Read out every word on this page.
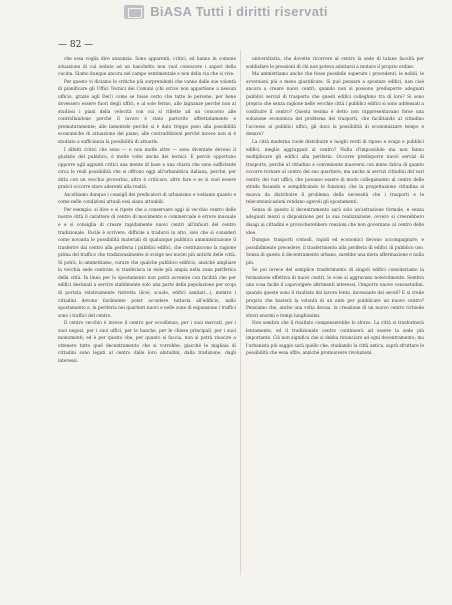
BiASA Tutti i diritti riservati
— 82 —

che essa voglia dire annunzia. Sono apparenti, critici, ed hanno in comune situazione di cui sedute ad un banchetto non vuol conoscere i sapori della cucina. Siamo dunque ancora nel campo sentimentale e non della via che si vive.

Per questo vi diciamo le critiche più sorprendenti che vanno dalle sue volontà di pianificare gli Uffici Tecnici dei Comuni (chi scrive non appartiene a nessun ufficio, grazie agli Dei!) come se fosse certo che tutte le persone, per bene dovessero essere fuori degli uffici, e al sole fermo, alle lagnanze perché non ai studiosi i piani della velocità con cui si riflette ad un concorso alle controllandone perché il lavoro è stato partorito affrettatamente e prematuramente; alle lamentele perché si è dato troppo peso alla possibilità economiche di attuazione del piano; alle contraddizioni perché invece non si è studiato a sufficienza la possibilità di attuarlo.

I difetti critici che sono — e non molte altre — sono diventate devono il giudizio del pubblico, è molte volte anche dei tecnici. È perciò opportuno opporre agli appunti critici una mente di base a una chiara che sono sufficiente circa le reali possibilità che si offrono oggi all'urbanistica italiana, perché, per dirla con un vecchio proverbio, altro è criticare, altro fare e se si vuol essere pratici occorre stare aderenti alla realtà.

Ascoltiamo dunque i consigli dei predicatori di urbanismo e vediamo quanto e come nelle condizioni attuali essi siano attuabili.

Per esempio: si dice e si ripete che a conservare oggi al vecchio centro delle nostre città il carattere di centro di movimento e commerciale è errore inusuale e e si consiglia di creare rapidamente nuovi centri all'infuori del centro tradizionale. Facile è scrivere, difficile a tradursi in atto, solo che si consideri come novanta le possibilità materiali di qualunque pubblica amministrazione il trasferire dal centro alla periferia i pubblici edifici, che costituiscono la ragione prima del traffico che tradizionalmente si svolge nei nuclei più antichi delle città. Si potrà, lo ammettiamo, curare che qualche pubblico edificio, anziché ampliare la vecchia sede centrale, si trasferisca in sede più ampia nella zona periferica della città. In linea per lo spostamento non potrà avvenire con facilità che per edifici destinati a servire stabilmente solo una parte della popolazione per scopi di portata relativamente ristretta (licei, scuole, edifici sanitari...), mentre i cittadini devono facilmente poter accedere tuttavia all'edificio, nello spostamento e, in periferia nei quartieri nuovi e nelle zone di espansione i traffici sono i traffici del centro.

Il centro vecchio è invece il centro per eccellenza, per i suoi mercati, per i suoi negozi, per i suoi uffici, per le banche, per le chiese principali, per i suoi monumenti; ed è per questo che, per quanto si faccia, non si potrà riuscire a ottenere tutto quel decentramento che si vorrebbe; giacché le migliaia di cittadini sono legati al centro dalle loro abitudini, dalla tradizione, dagli interessi.

universitaria, che dovette ricorrere al centro la sede di talune facoltà per soddisfare le pressioni di chi non poteva adattarsi a mutare il proprio ordine.

Ma ammettiamo anche che fosse possibile superare i precedenti, le nobili, le avversioni più o meno giustificate. Si può pensare a spostare edifici, non cioè ancora a creare nuovi centri; quando non si possono predisporre adeguati pubblici servizi di trasporto che questi edifici colleghino tra di loro? Si sono proprio che senza ragione nelle vecchie città i pubblici edifici si sono addensati a costituire il centro? Questa tesima è detto non rappresentavano forse una soluzione economica del problema dei trasporti, che facilitando al cittadino l'accesso ai pubblici uffici, gli dava la possibilità di economizzare tempo e denaro?

La città moderna vuole distribuire e luoghi verdi di riposo e svago e pubblici edifici, meglio aggruppati al centro? Nulla d'impossibile ma non fanno moltiplicare gli edifici alla periferia. Occorre predisporre nuovi servizi di trasporto, perché al cittadino è conveniente muoversi con meno fatica di quanto occorre tornare al centro del suo quartiere, ma anche ai servizi cittadini del vari centri; dei vari uffici; che possano essere di modo collegamento al centro delle strade fissando e semplificando le funzioni; che la progettazione cittadina si muova da distribuire il problema della necessità che i trasporti e le telecomunicazioni rendano agevoli gli spostamenti.

Senza di questo il decentramento sarà solo un'astrazione formale, e senza adeguati mezzi a disposizione per la sua realizzazione, ovvero si creerebbero disagi ai cittadini e provocherebbero reazioni che non governano al centro delle idee.

Dunque: trasporti comodi, rapidi ed economici devono accompagnare, e possibilmente precedere, il trasferimento alla periferia di edifici di pubblico uso. Senza di questo il decentramento urbano, sarebbe una mera affermazione e nulla più.

Se poi invece del semplice trasferimento di singoli edifici consideriamo la formazione effettiva di nuovi centri, le cose si aggravano notevolmente. Sembra una cosa facile il capovolgere altrimenti interessi, l'imporre nuove consuetudini, quando queste sono il risultato dei lavoro lento, incessante dei secoli? E si crede proprio che basterà la volontà di un ente per pubblicare un nuovo centro? Pensiamo che, anche una volta decisa, la creazione di un nuovo centro richiede sforzi enormi e tempi lunghissimi.

Non sembra che il risultato compenserebbe lo sforzo. La città si trasformerà lentamente, ed il tradizionale centro continuerà ad essere la sede più importante. Ciò non significa che si debba rinunciare ad ogni decentramento; ma l'urbanista più saggio sarà quello che, studiando la città antica, saprà sfruttare le possibilità che essa offre, anziché promuovere rivoluzioni.
